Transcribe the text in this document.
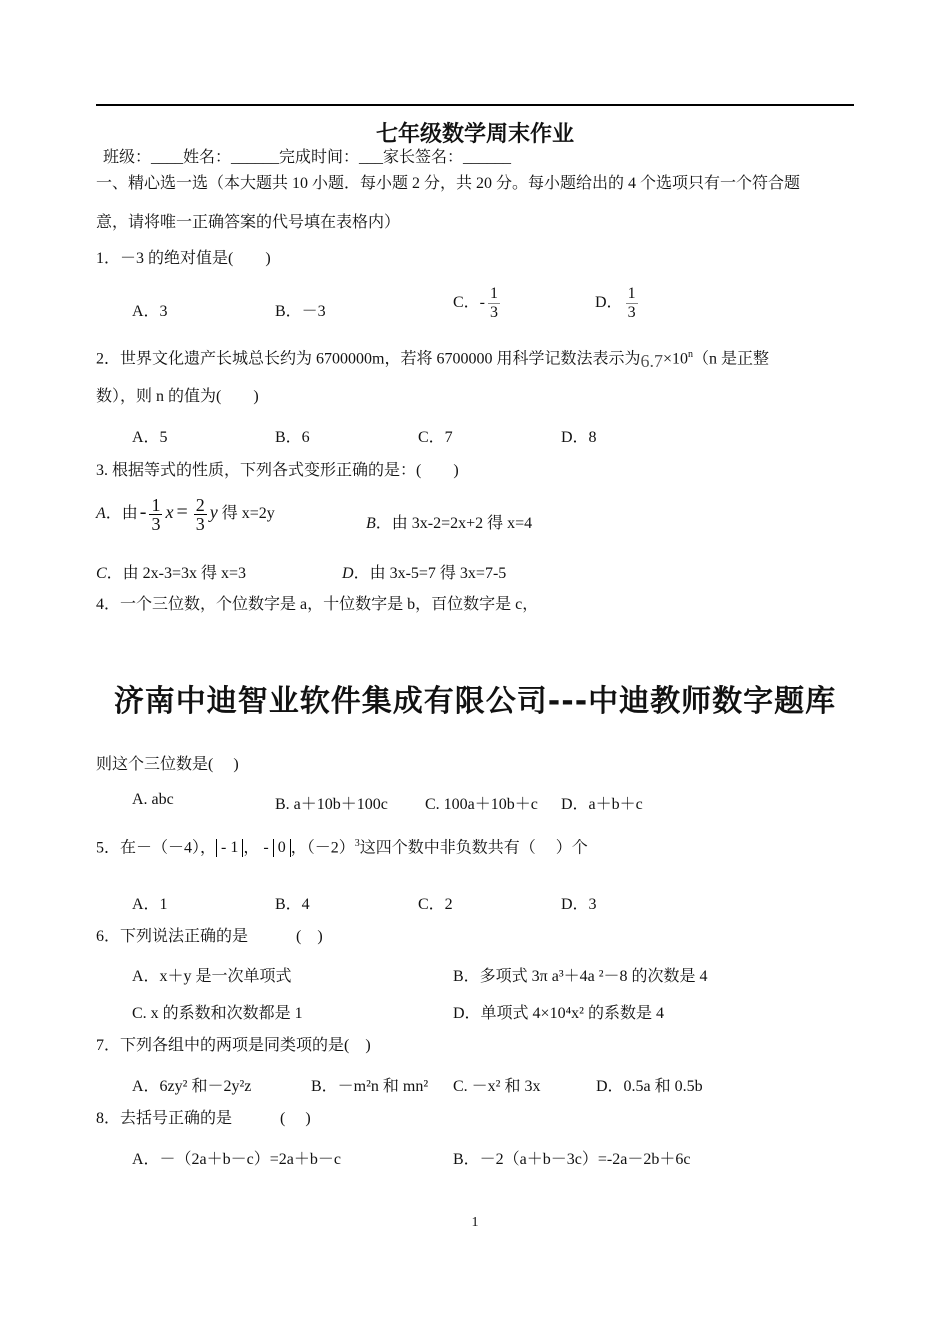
七年级数学周末作业
班级：____姓名：______完成时间：___家长签名：______
一、精心选一选（本大题共 10 小题．每小题 2 分，共 20 分。每小题给出的 4 个选项只有一个符合题
意，请将唯一正确答案的代号填在表格内）
1．－3 的绝对值是(　　)
A．3	B．－3
C．- $\frac{1}{3}$	D． $\frac{1}{3}$
2．世界文化遗产长城总长约为 6700000m，若将 6700000 用科学记数法表示为$6.7\times 10^n(n$ 是正整
数），则 n 的值为(　　)
A．5	B．6	C．7	D．8
3. 根据等式的性质，下列各式变形正确的是：(　　)
A．由 - $\frac{1}{3}$ $x = \frac{2}{3}$ y 得 x=2y
B．由 3x-2=2x+2 得 x=4
C．由 2x-3=3x 得 x=3	D．由 3x-5=7 得 3x=7-5
4．一个三位数，个位数字是 a，十位数字是 b，百位数字是 c，
济南中迪智业软件集成有限公司---中迪教师数字题库
则这个三位数是(　 )
A. abc	B. a＋10b＋100c C. 100a＋10b＋c D．a＋b＋c
5．在－（－4）， - 1 ， - 0 ，$(-2)^3$这四个数中非负数共有（　 ）个
A．1	B．4	C．2	D．3
6．下列说法正确的是　　　(　)
A．x＋y 是一次单项式	B．多项式 3π a³＋4a ²－8 的次数是 4
C. x 的系数和次数都是 1	D．单项式 4×10⁴x² 的系数是 4
7．下列各组中的两项是同类项的是(　)
A．6zy² 和－2y²z	B．－m²n 和 mn² C. －x² 和 3x	D．0.5a 和 0.5b
8．去括号正确的是　　　(　 )
A．－（2a＋b－c）=2a＋b－c	B．－2（a＋b－3c）=-2a－2b＋6c
1
